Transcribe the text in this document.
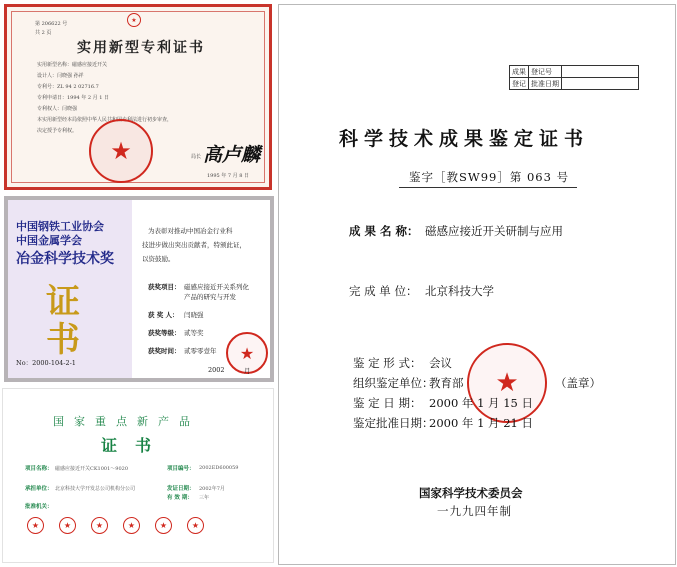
第 206622 号
共 2 页
★
实用新型专利证书
实用新型名称：磁感应接近开关
设计人：闫晓强 孙祥
专利号：ZL 94 2 02716.7
专利申请日：1994 年 2 月 1 日
专利权人：闫晓强
本实用新型经本局依照中华人民共和国专利法进行初步审查，
决定授予专利权。
★	局长 高卢麟
1995 年 7 月 8 日
中国钢铁工业协会
中国金属学会
冶金科学技术奖
证
书
No：2000-104-2-1
为表彰对推动中国冶金行业科
技进步做出突出贡献者，特颁此证，
以资鼓励。
获奖项目： 磁感应接近开关系列化
产品的研究与开发
获 奖 人： 闫晓强
获奖等级： 贰等奖
获奖时间： 贰零零壹年	★
2002	月
国家重点新产品
证书
项目名称： 磁感应接近开关CK1001～9020	项目编号： 2002ED600059
承担单位： 北京科技大学开发总公司机构分公司	发证日期： 2002年7月
有 效 期： 三年
批准机关：
★	★	★	★	★	★
成果	登记号	
登记	批准日期	
科学技术成果鉴定证书
鉴字［教SW99］第 063 号
成 果 名 称： 磁感应接近开关研制与应用
完 成 单 位： 北京科技大学
★
鉴 定 形 式： 会议
组织鉴定单位：
教育部	（盖章）
鉴 定 日 期： 2000 年 1 月 15 日
鉴定批准日期：
2000 年 1 月 21 日
国家科学技术委员会
一九九四年制
